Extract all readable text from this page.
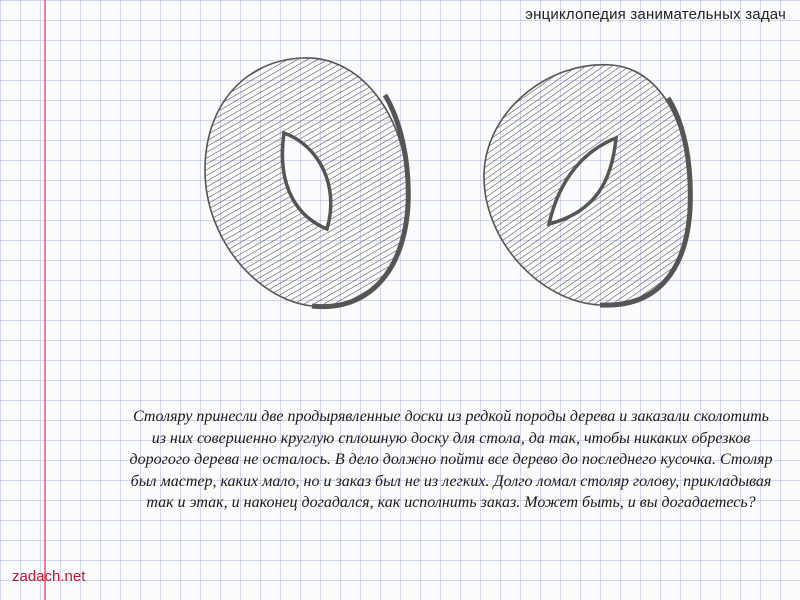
энциклопедия занимательных задач

Столяру принесли две продырявленные доски из редкой породы дерева и заказали сколотить из них совершенно круглую сплошную доску для стола, да так, чтобы никаких обрезков дорогого дерева не осталось. В дело должно пойти все дерево до последнего кусочка. Столяр был мастер, каких мало, но и заказ был не из легких. Долго ломал столяр голову, прикладывая так и этак, и наконец догадался, как исполнить заказ. Может быть, и вы догадаетесь?

zadach.net
